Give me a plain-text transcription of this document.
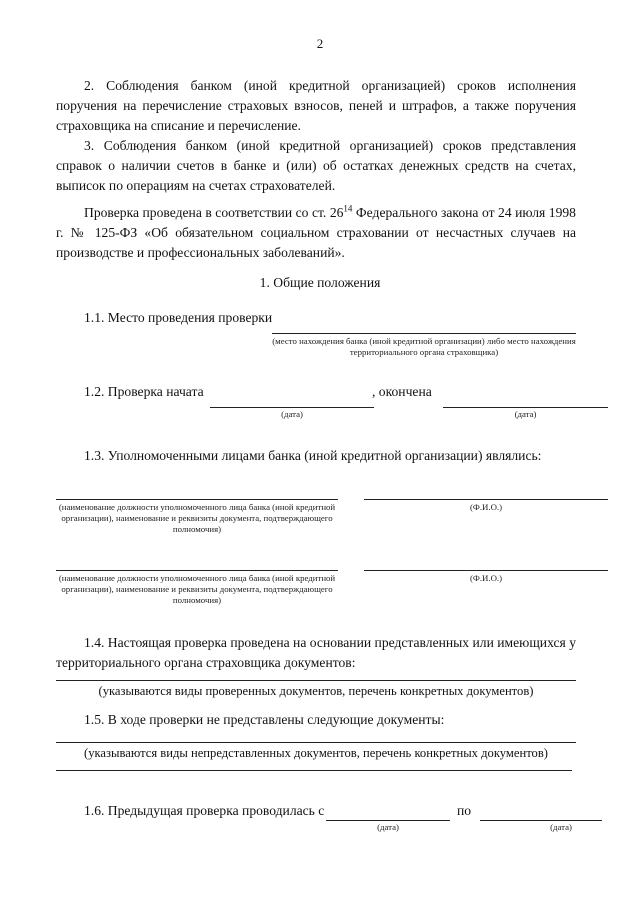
2

2. Соблюдения банком (иной кредитной организацией) сроков исполнения поручения на перечисление страховых взносов, пеней и штрафов, а также поручения страховщика на списание и перечисление.

3. Соблюдения банком (иной кредитной организацией) сроков представления справок о наличии счетов в банке и (или) об остатках денежных средств на счетах, выписок по операциям на счетах страхователей.

Проверка проведена в соответствии со ст. $26^{14}$ Федерального закона от 24 июля 1998 г. № 125-ФЗ «Об обязательном социальном страховании от несчастных случаев на производстве и профессиональных заболеваний».

1. Общие положения
1.1. Место проведения проверки
(место нахождения банка (иной кредитной организации) либо место нахождения территориального органа страховщика)
1.2. Проверка начата	, окончена
(дата)	(дата)
1.3. Уполномоченными лицами банка (иной кредитной организации) являлись:
(наименование должности уполномоченного лица банка (иной кредитной организации), наименование и реквизиты документа, подтверждающего полномочия)
(Ф.И.О.)
(наименование должности уполномоченного лица банка (иной кредитной организации), наименование и реквизиты документа, подтверждающего полномочия)
(Ф.И.О.)

1.4. Настоящая проверка проведена на основании представленных или имеющихся у территориального органа страховщика документов:

(указываются виды проверенных документов, перечень конкретных документов)
1.5. В ходе проверки не представлены следующие документы:
(указываются виды непредставленных документов, перечень конкретных документов)
1.6. Предыдущая проверка проводилась с
(дата)
по
(дата)
